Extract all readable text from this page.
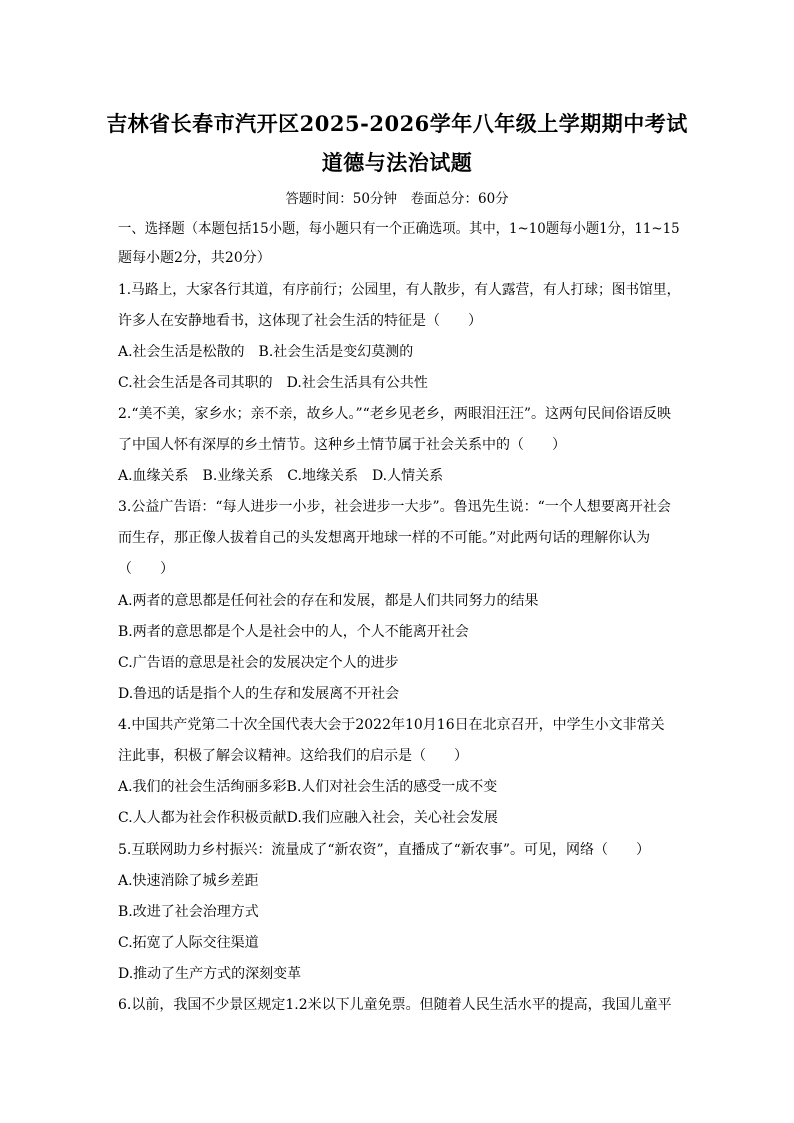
吉林省长春市汽开区2025-2026学年八年级上学期期中考试
道德与法治试题
答题时间：50分钟　卷面总分：60分
一、选择题（本题包括15小题，每小题只有一个正确选项。其中，1~10题每小题1分，11~15
题每小题2分，共20分）
1.马路上，大家各行其道，有序前行；公园里，有人散步，有人露营，有人打球；图书馆里，
许多人在安静地看书，这体现了社会生活的特征是（　　）
A.社会生活是松散的　B.社会生活是变幻莫测的
C.社会生活是各司其职的　D.社会生活具有公共性
2.“美不美，家乡水；亲不亲，故乡人。”“老乡见老乡，两眼泪汪汪”。这两句民间俗语反映
了中国人怀有深厚的乡土情节。这种乡土情节属于社会关系中的（　　）
A.血缘关系　B.业缘关系　C.地缘关系　D.人情关系
3.公益广告语：“每人进步一小步，社会进步一大步”。鲁迅先生说：“一个人想要离开社会
而生存，那正像人拔着自己的头发想离开地球一样的不可能。”对此两句话的理解你认为
（　　）
A.两者的意思都是任何社会的存在和发展，都是人们共同努力的结果
B.两者的意思都是个人是社会中的人，个人不能离开社会
C.广告语的意思是社会的发展决定个人的进步
D.鲁迅的话是指个人的生存和发展离不开社会
4.中国共产党第二十次全国代表大会于2022年10月16日在北京召开，中学生小文非常关
注此事，积极了解会议精神。这给我们的启示是（　　）
A.我们的社会生活绚丽多彩B.人们对社会生活的感受一成不变
C.人人都为社会作积极贡献D.我们应融入社会，关心社会发展
5.互联网助力乡村振兴：流量成了“新农资”，直播成了“新农事”。可见，网络（　　）
A.快速消除了城乡差距
B.改进了社会治理方式
C.拓宽了人际交往渠道
D.推动了生产方式的深刻变革
6.以前，我国不少景区规定1.2米以下儿童免票。但随着人民生活水平的提高，我国儿童平
